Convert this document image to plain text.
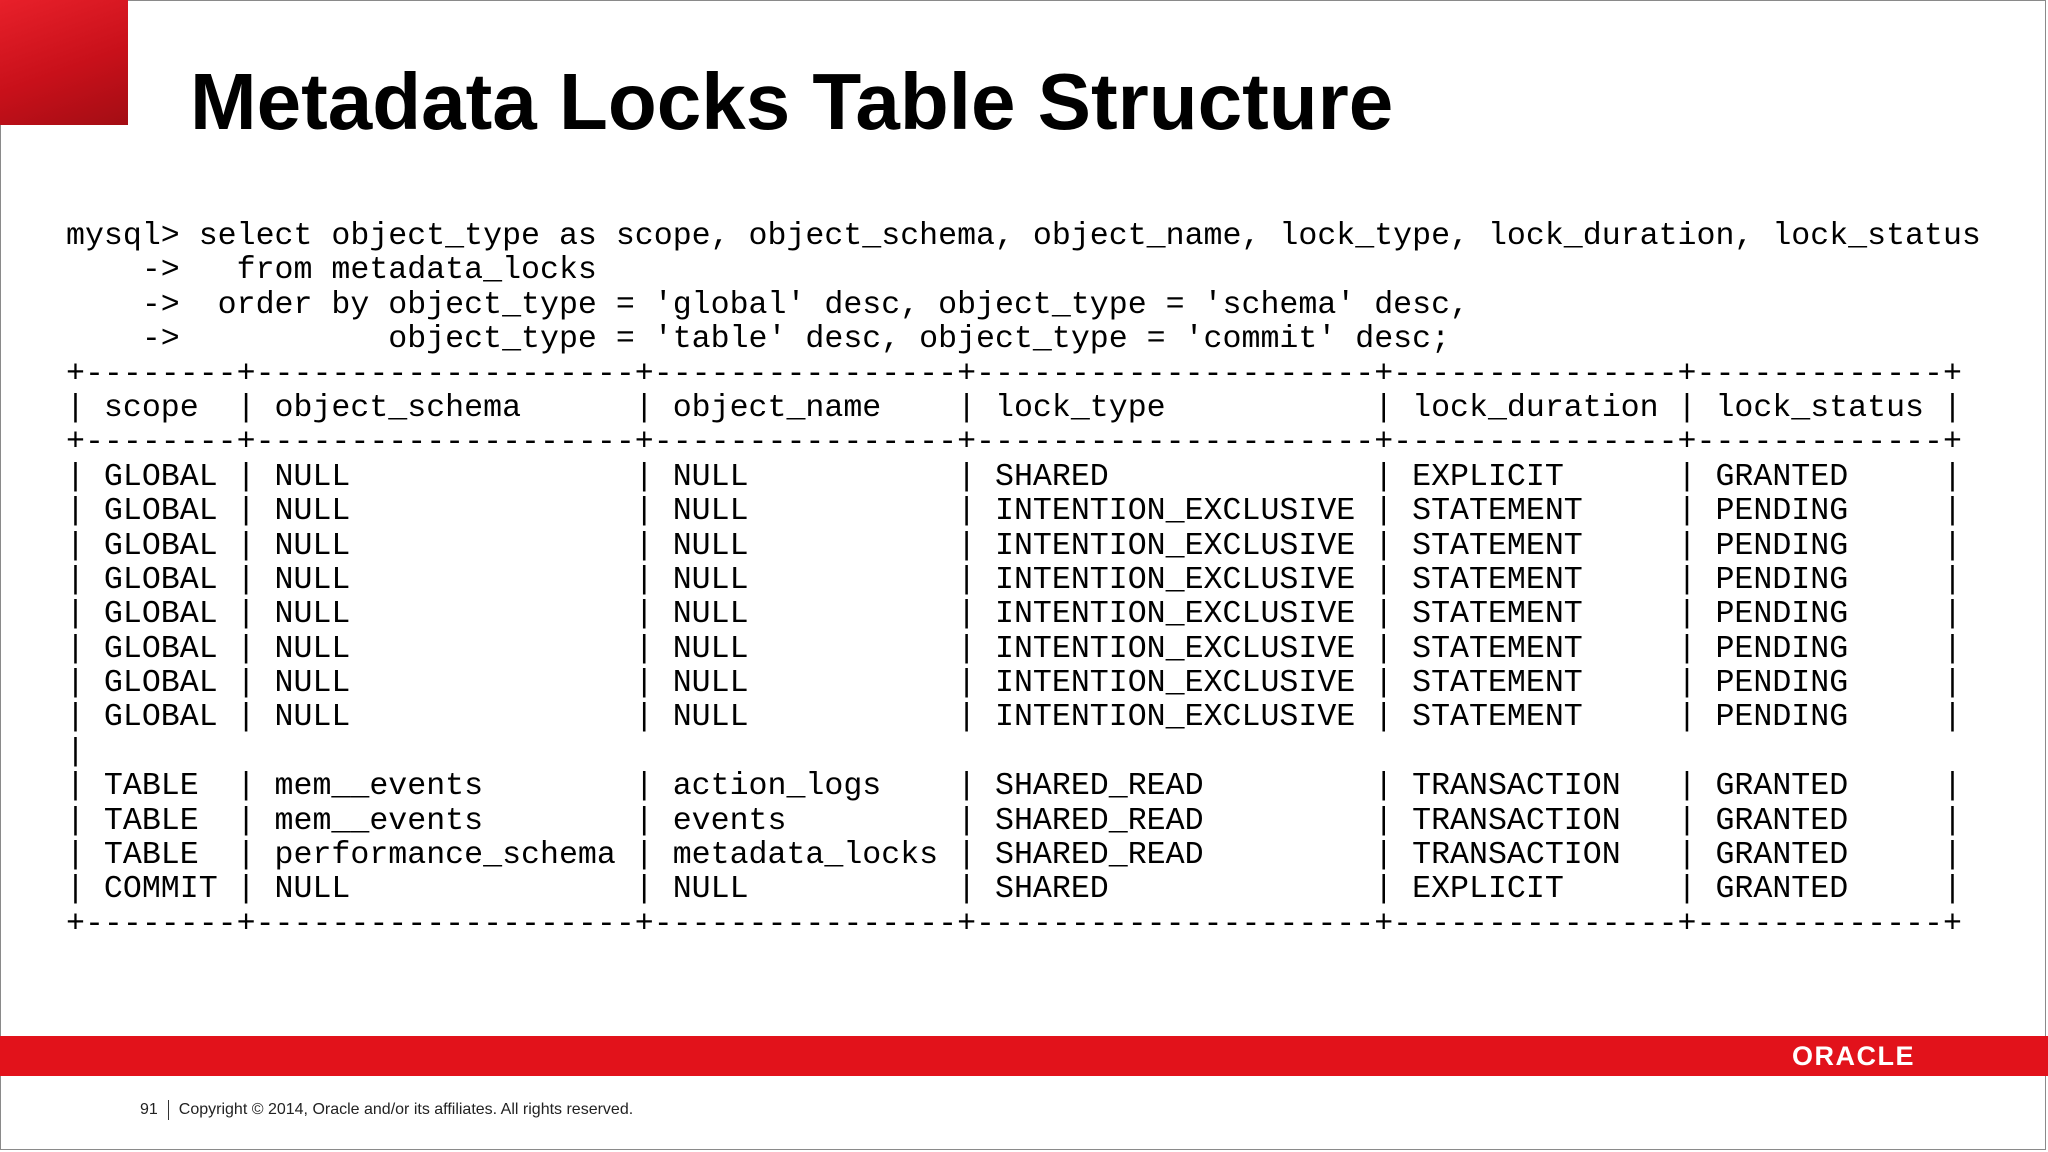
Metadata Locks Table Structure
mysql> select object_type as scope, object_schema, object_name, lock_type, lock_duration, lock_status
->   from metadata_locks
->  order by object_type = 'global' desc, object_type = 'schema' desc,
->           object_type = 'table' desc, object_type = 'commit' desc;
+--------+--------------------+----------------+---------------------+---------------+-------------+
| scope  | object_schema      | object_name    | lock_type           | lock_duration | lock_status |
+--------+--------------------+----------------+---------------------+---------------+-------------+
| GLOBAL | NULL               | NULL           | SHARED              | EXPLICIT      | GRANTED     |
| GLOBAL | NULL               | NULL           | INTENTION_EXCLUSIVE | STATEMENT     | PENDING     |
| GLOBAL | NULL               | NULL           | INTENTION_EXCLUSIVE | STATEMENT     | PENDING     |
| GLOBAL | NULL               | NULL           | INTENTION_EXCLUSIVE | STATEMENT     | PENDING     |
| GLOBAL | NULL               | NULL           | INTENTION_EXCLUSIVE | STATEMENT     | PENDING     |
| GLOBAL | NULL               | NULL           | INTENTION_EXCLUSIVE | STATEMENT     | PENDING     |
| GLOBAL | NULL               | NULL           | INTENTION_EXCLUSIVE | STATEMENT     | PENDING     |
| GLOBAL | NULL               | NULL           | INTENTION_EXCLUSIVE | STATEMENT     | PENDING     |
|
| TABLE  | mem__events        | action_logs    | SHARED_READ         | TRANSACTION   | GRANTED     |
| TABLE  | mem__events        | events         | SHARED_READ         | TRANSACTION   | GRANTED     |
| TABLE  | performance_schema | metadata_locks | SHARED_READ         | TRANSACTION   | GRANTED     |
| COMMIT | NULL               | NULL           | SHARED              | EXPLICIT      | GRANTED     |
+--------+--------------------+----------------+---------------------+---------------+-------------+
ORACLE
91 Copyright © 2014, Oracle and/or its affiliates. All rights reserved.
